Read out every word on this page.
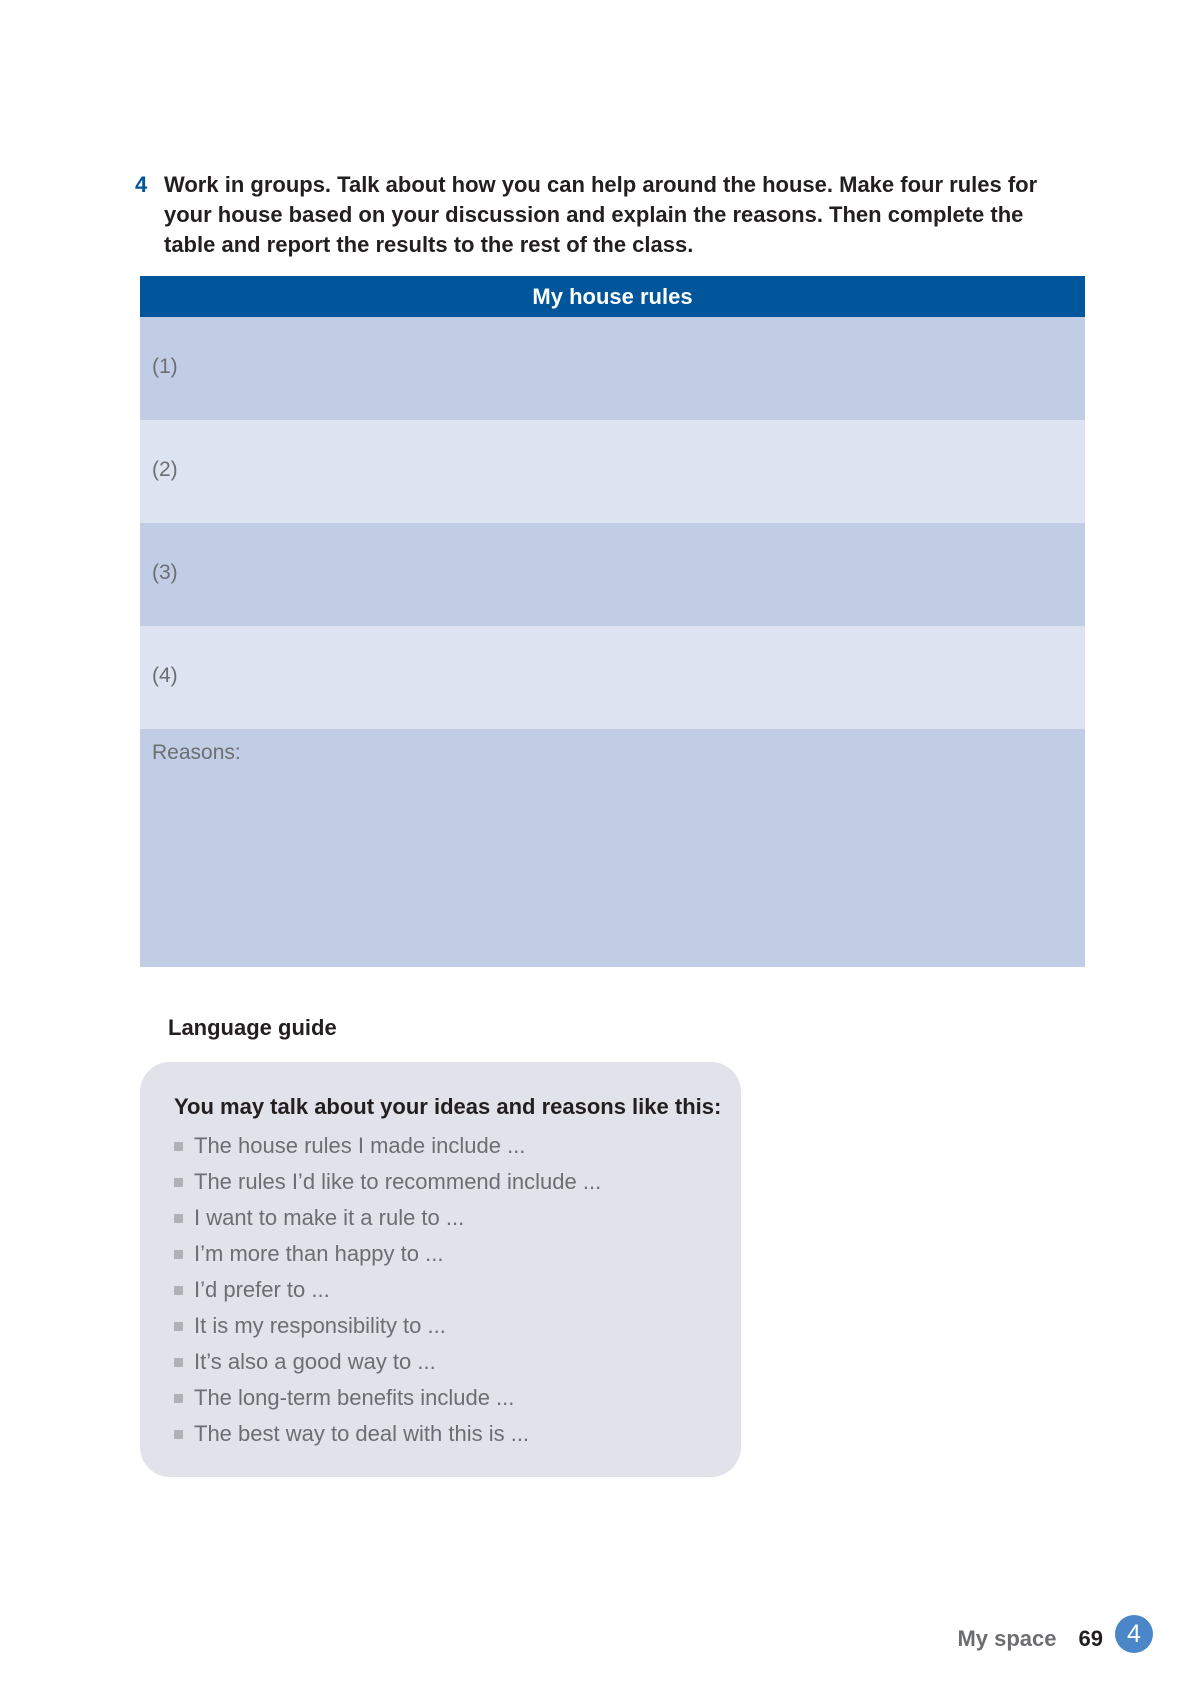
4 Work in groups. Talk about how you can help around the house. Make four rules for your house based on your discussion and explain the reasons. Then complete the table and report the results to the rest of the class.
My house rules
(1)
(2)
(3)
(4)
Reasons:
Language guide
You may talk about your ideas and reasons like this:
The house rules I made include ...
The rules I’d like to recommend include ...
I want to make it a rule to ...
I’m more than happy to ...
I’d prefer to ...
It is my responsibility to ...
It’s also a good way to ...
The long-term benefits include ...
The best way to deal with this is ...
My space 69 4
